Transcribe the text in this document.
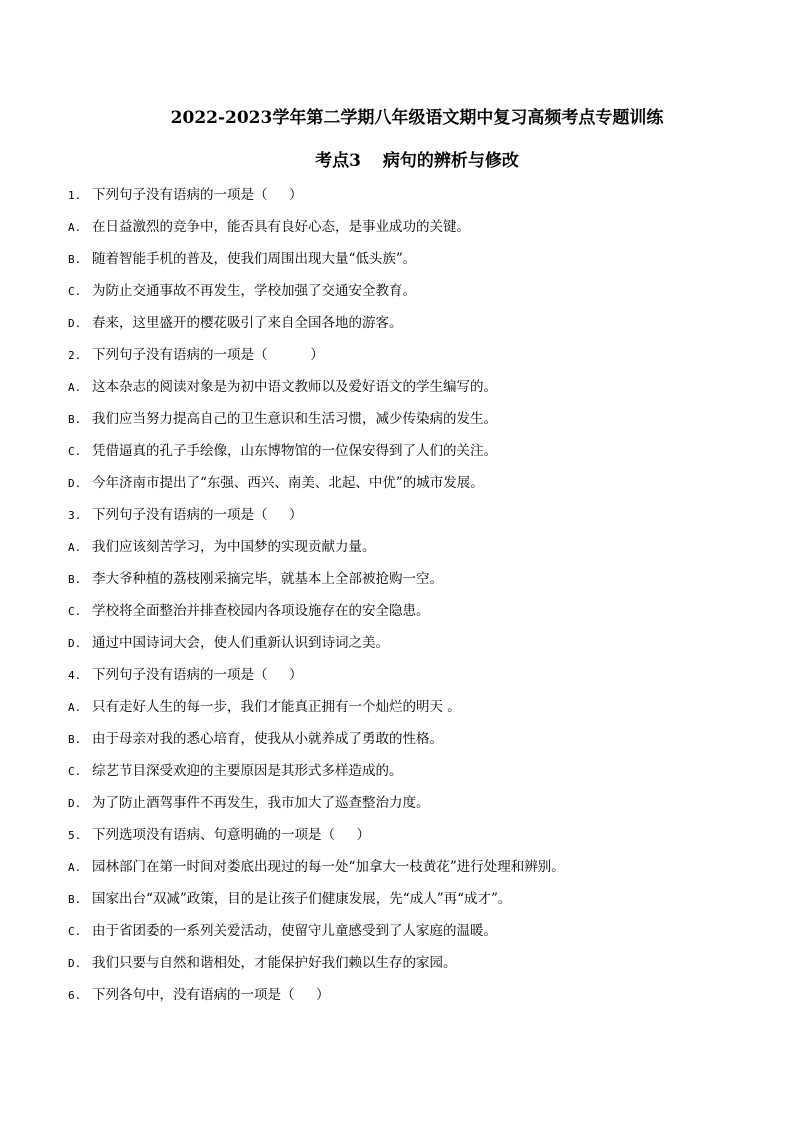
2022-2023学年第二学期八年级语文期中复习高频考点专题训练
考点3 病句的辨析与修改
1. 下列句子没有语病的一项是（     ）
A. 在日益激烈的竞争中，能否具有良好心态，是事业成功的关键。
B. 随着智能手机的普及，使我们周围出现大量“低头族”。
C. 为防止交通事故不再发生，学校加强了交通安全教育。
D. 春来，这里盛开的樱花吸引了来自全国各地的游客。
2. 下列句子没有语病的一项是（          ）
A. 这本杂志的阅读对象是为初中语文教师以及爱好语文的学生编写的。
B. 我们应当努力提高自己的卫生意识和生活习惯，减少传染病的发生。
C. 凭借逼真的孔子手绘像，山东博物馆的一位保安得到了人们的关注。
D. 今年济南市提出了“东强、西兴、南美、北起、中优”的城市发展。
3. 下列句子没有语病的一项是（     ）
A. 我们应该刻苦学习，为中国梦的实现贡献力量。
B. 李大爷种植的荔枝刚采摘完毕，就基本上全部被抢购一空。
C. 学校将全面整治并排查校园内各项设施存在的安全隐患。
D. 通过中国诗词大会，使人们重新认识到诗词之美。
4. 下列句子没有语病的一项是（     ）
A. 只有走好人生的每一步，我们才能真正拥有一个灿烂的明天 。
B. 由于母亲对我的悉心培育，使我从小就养成了勇敢的性格。
C. 综艺节目深受欢迎的主要原因是其形式多样造成的。
D. 为了防止酒驾事件不再发生，我市加大了巡查整治力度。
5. 下列选项没有语病、句意明确的一项是（     ）
A. 园林部门在第一时间对娄底出现过的每一处“加拿大一枝黄花”进行处理和辨别。
B. 国家出台“双减”政策，目的是让孩子们健康发展，先“成人”再“成才”。
C. 由于省团委的一系列关爱活动，使留守儿童感受到了人家庭的温暖。
D. 我们只要与自然和谐相处，才能保护好我们赖以生存的家园。
6. 下列各句中，没有语病的一项是（     ）
